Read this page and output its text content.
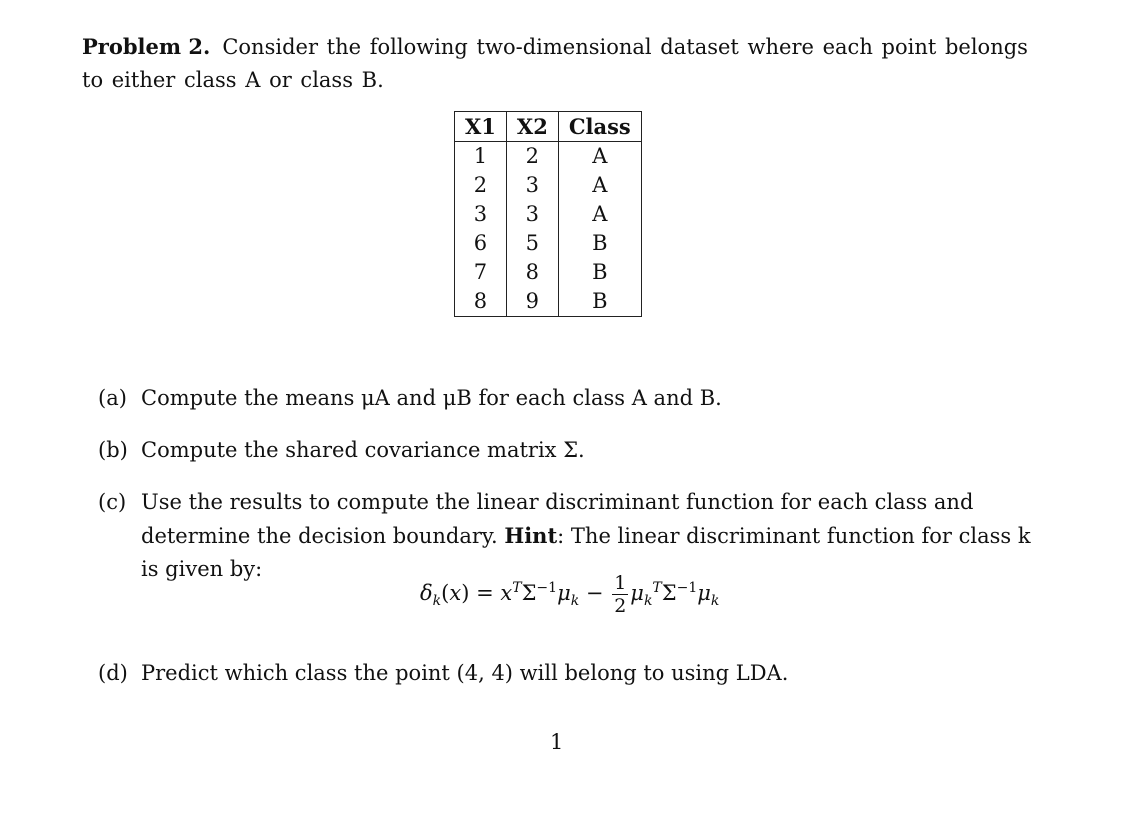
Problem 2. Consider the following two-dimensional dataset where each point belongs to either class A or class B.
X1	X2	Class
1	2	A
2	3	A
3	3	A
6	5	B
7	8	B
8	9	B
(a) Compute the means μA and μB for each class A and B.
(b) Compute the shared covariance matrix Σ.
(c) Use the results to compute the linear discriminant function for each class and determine the decision boundary. Hint: The linear discriminant function for class k is given by:
$\delta_k(x) = x^T\Sigma^{-1}\mu_k - \frac{1}{2} \mu_k^T\Sigma^{-1}\mu_k$
(d) Predict which class the point (4, 4) will belong to using LDA.
1
